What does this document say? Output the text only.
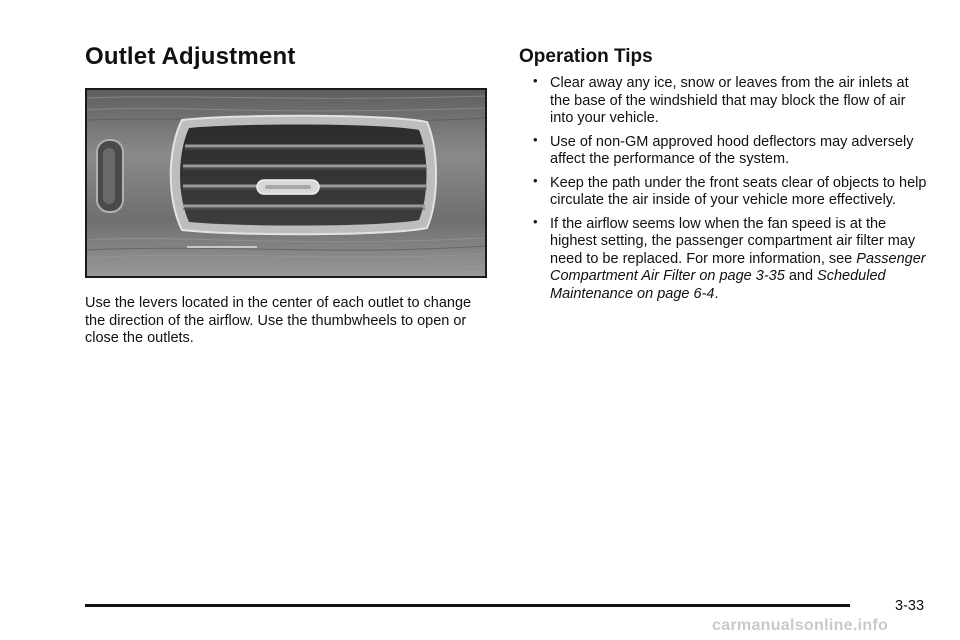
Outlet Adjustment

Use the levers located in the center of each outlet to change the direction of the airflow. Use the thumbwheels to open or close the outlets.

Operation Tips
• Clear away any ice, snow or leaves from the air inlets at the base of the windshield that may block the flow of air into your vehicle.
• Use of non-GM approved hood deflectors may adversely affect the performance of the system.
• Keep the path under the front seats clear of objects to help circulate the air inside of your vehicle more effectively.
• If the airflow seems low when the fan speed is at the highest setting, the passenger compartment air filter may need to be replaced. For more information, see Passenger Compartment Air Filter on page 3-35 and Scheduled Maintenance on page 6-4.
3-33
carmanualsonline.info
